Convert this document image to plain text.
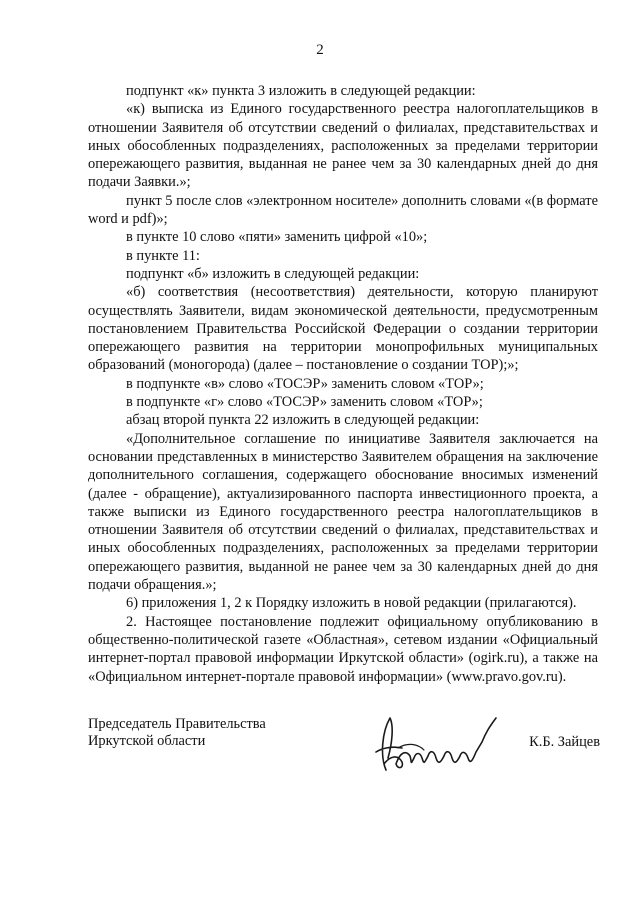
2

подпункт «к» пункта 3 изложить в следующей редакции:

«к) выписка из Единого государственного реестра налогоплательщиков в отношении Заявителя об отсутствии сведений о филиалах, представительствах и иных обособленных подразделениях, расположенных за пределами территории опережающего развития, выданная не ранее чем за 30 календарных дней до дня подачи Заявки.»;

пункт 5 после слов «электронном носителе» дополнить словами «(в формате word и pdf)»;

в пункте 10 слово «пяти» заменить цифрой «10»;

в пункте 11:

подпункт «б» изложить в следующей редакции:

«б) соответствия (несоответствия) деятельности, которую планируют осуществлять Заявители, видам экономической деятельности, предусмотренным постановлением Правительства Российской Федерации о создании территории опережающего развития на территории монопрофильных муниципальных образований (моногорода) (далее – постановление о создании ТОР);»;

в подпункте «в» слово «ТОСЭР» заменить словом «ТОР»;

в подпункте «г» слово «ТОСЭР» заменить словом «ТОР»;

абзац второй пункта 22 изложить в следующей редакции:

«Дополнительное соглашение по инициативе Заявителя заключается на основании представленных в министерство Заявителем обращения на заключение дополнительного соглашения, содержащего обоснование вносимых изменений (далее - обращение), актуализированного паспорта инвестиционного проекта, а также выписки из Единого государственного реестра налогоплательщиков в отношении Заявителя об отсутствии сведений о филиалах, представительствах и иных обособленных подразделениях, расположенных за пределами территории опережающего развития, выданной не ранее чем за 30 календарных дней до дня подачи обращения.»;

6) приложения 1, 2 к Порядку изложить в новой редакции (прилагаются).

2. Настоящее постановление подлежит официальному опубликованию в общественно-политической газете «Областная», сетевом издании «Официальный интернет-портал правовой информации Иркутской области» (ogirk.ru), а также на «Официальном интернет-портале правовой информации» (www.pravo.gov.ru).

Председатель Правительства
Иркутской области	К.Б. Зайцев
